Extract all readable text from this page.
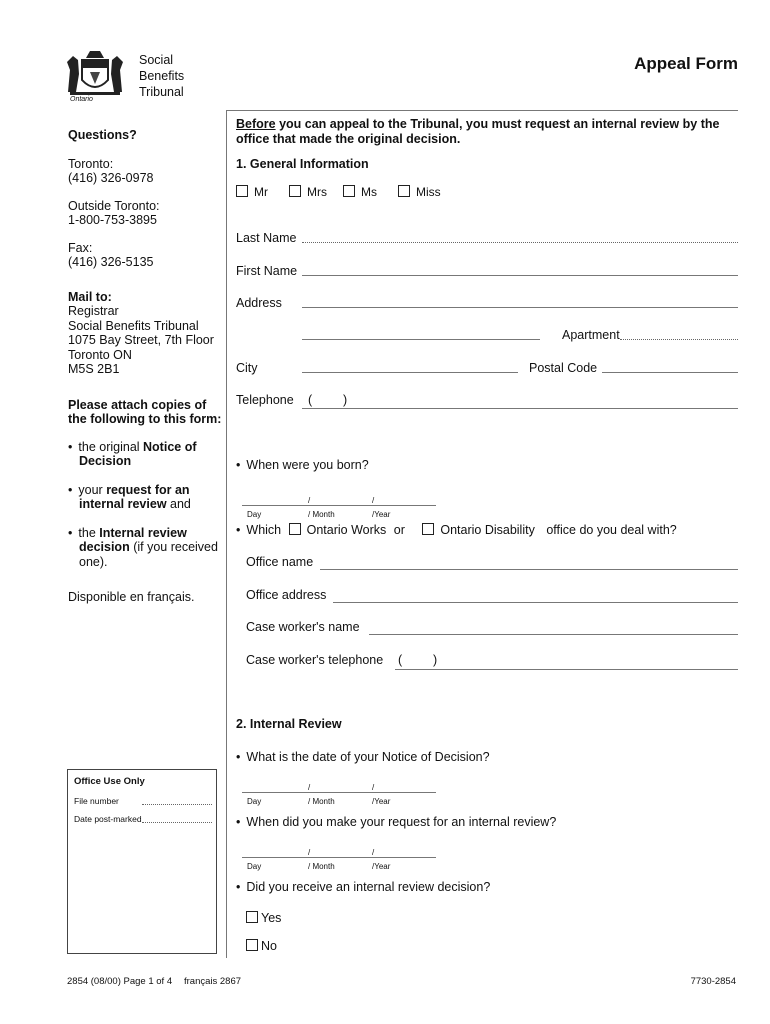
Ontario
Social
Benefits
Tribunal
Appeal Form

Questions?

Toronto:

(416) 326-0978

Outside Toronto:

1-800-753-3895

Fax:

(416) 326-5135

Mail to:

Registrar

Social Benefits Tribunal

1075 Bay Street, 7th Floor

Toronto ON

M5S 2B1

Please attach copies of the following to this form:

• the original Notice of Decision

• your request for an internal review and

• the Internal review decision (if you received one).

Disponible en français.

Office Use Only
File number
Date post-marked
Before you can appeal to the Tribunal, you must request an internal review by the office that made the original decision.
1. General Information
Mr	Mrs	Ms	Miss
Last Name
First Name
Address
Apartment
City	Postal Code
Telephone ( )
• When were you born?
/	/
Day	/ Month	/Year
• Which Ontario Works or	Ontario Disability office do you deal with?
Office name
Office address
Case worker's name
Case worker's telephone ( )
2. Internal Review
• What is the date of your Notice of Decision?
/	/
Day	/ Month	/Year
• When did you make your request for an internal review?
/	/
Day	/ Month	/Year
• Did you receive an internal review decision?
Yes
No
2854 (08/00) Page 1 of 4 français 2867	7730-2854
